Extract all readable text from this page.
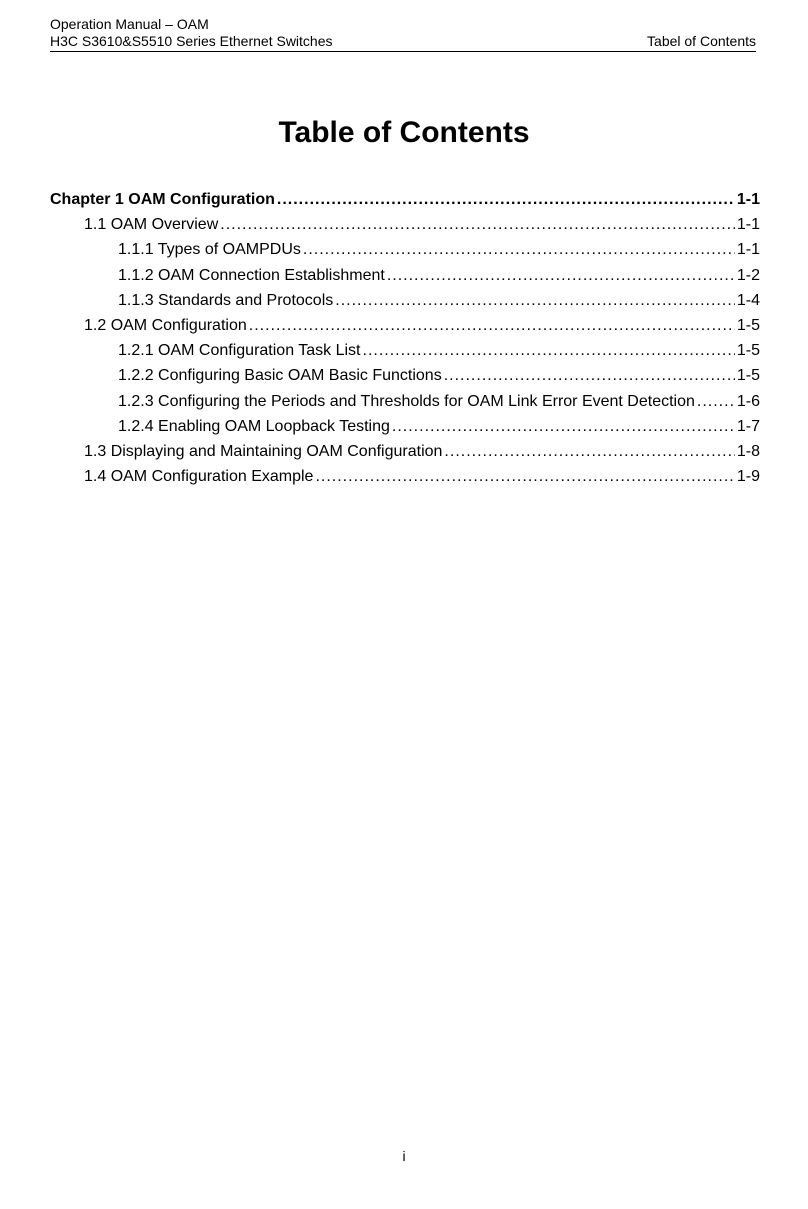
Operation Manual – OAM
H3C S3610&S5510 Series Ethernet Switches	Tabel of Contents
Table of Contents
Chapter 1 OAM Configuration .....	1-1
1.1 OAM Overview .....	1-1
1.1.1 Types of OAMPDUs .....	1-1
1.1.2 OAM Connection Establishment .....	1-2
1.1.3 Standards and Protocols .....	1-4
1.2 OAM Configuration .....	1-5
1.2.1 OAM Configuration Task List .....	1-5
1.2.2 Configuring Basic OAM Basic Functions .....	1-5
1.2.3 Configuring the Periods and Thresholds for OAM Link Error Event Detection .....	1-6
1.2.4 Enabling OAM Loopback Testing .....	1-7
1.3 Displaying and Maintaining OAM Configuration .....	1-8
1.4 OAM Configuration Example .....	1-9
i
